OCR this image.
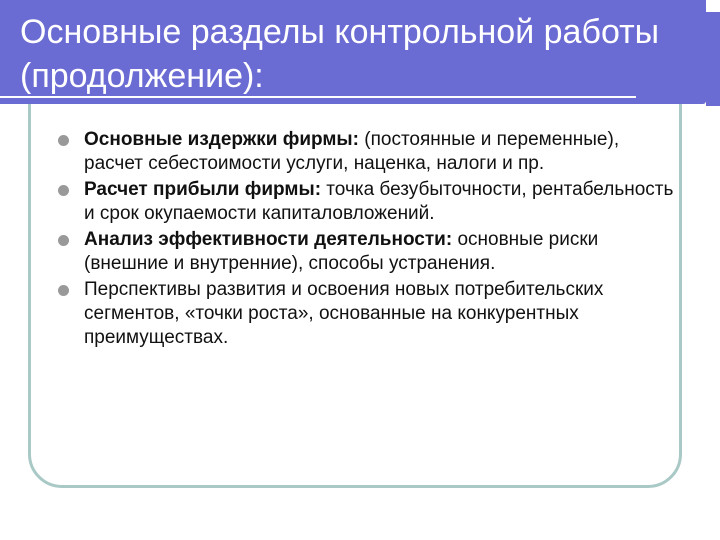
Основные разделы контрольной работы (продолжение):
Основные издержки фирмы: (постоянные и переменные), расчет себестоимости услуги, наценка, налоги и пр.
Расчет прибыли фирмы: точка безубыточности, рентабельность и срок окупаемости капиталовложений.
Анализ эффективности деятельности: основные риски (внешние и внутренние), способы устранения.
Перспективы развития и освоения новых потребительских сегментов, «точки роста», основанные на конкурентных преимуществах.
